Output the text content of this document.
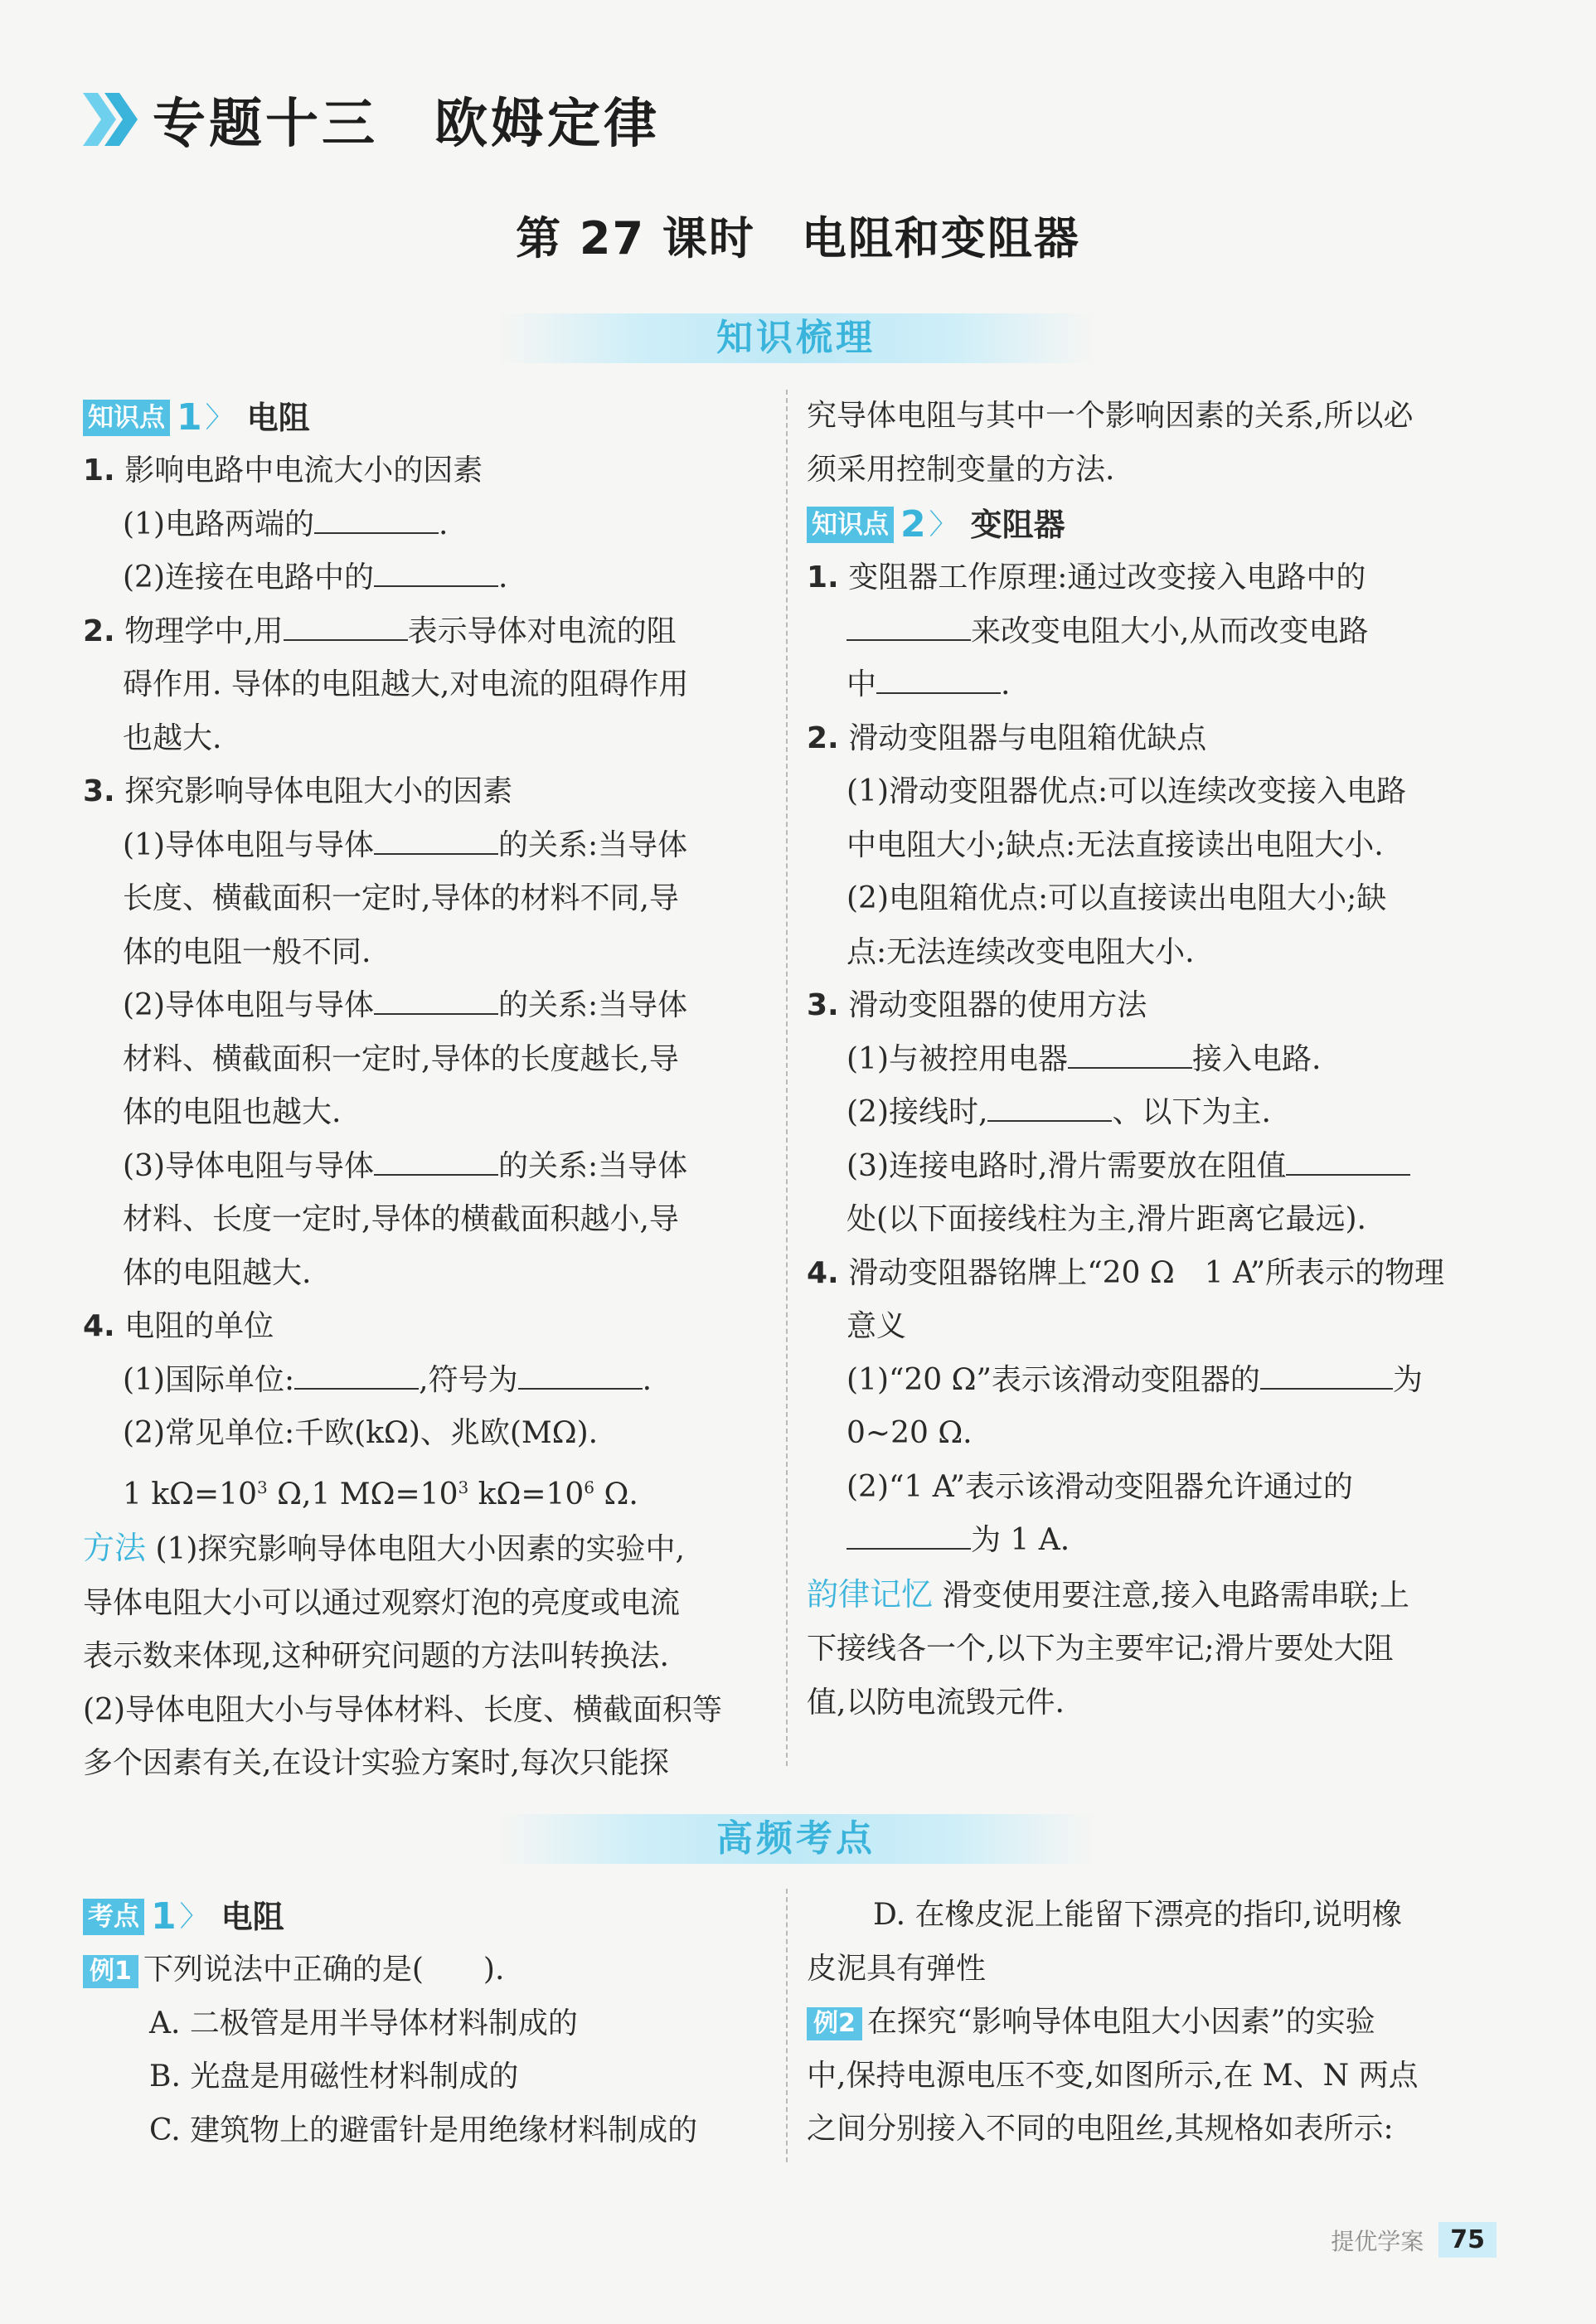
专题十三　欧姆定律
第 27 课时　电阻和变阻器
知识梳理

知识点 1 〉 电阻

1. 影响电路中电流大小的因素

(1)电路两端的	.

(2)连接在电路中的	.

2. 物理学中,用	表示导体对电流的阻

碍作用. 导体的电阻越大,对电流的阻碍作用

也越大.

3. 探究影响导体电阻大小的因素

(1)导体电阻与导体	的关系:当导体

长度、横截面积一定时,导体的材料不同,导

体的电阻一般不同.

(2)导体电阻与导体	的关系:当导体

材料、横截面积一定时,导体的长度越长,导

体的电阻也越大.

(3)导体电阻与导体	的关系:当导体

材料、长度一定时,导体的横截面积越小,导

体的电阻越大.

4. 电阻的单位

(1)国际单位:	,符号为	.

(2)常见单位:千欧(kΩ)、兆欧(MΩ).

1 $k\Omega=10^3$ Ω,1 $M\Omega=10^3$ $k\Omega=10^6$ Ω.

方法 (1)探究影响导体电阻大小因素的实验中,

导体电阻大小可以通过观察灯泡的亮度或电流

表示数来体现,这种研究问题的方法叫转换法.

(2)导体电阻大小与导体材料、长度、横截面积等

多个因素有关,在设计实验方案时,每次只能探

究导体电阻与其中一个影响因素的关系,所以必

须采用控制变量的方法.

知识点 2 〉 变阻器

1. 变阻器工作原理:通过改变接入电路中的

来改变电阻大小,从而改变电路

中	.

2. 滑动变阻器与电阻箱优缺点

(1)滑动变阻器优点:可以连续改变接入电路

中电阻大小;缺点:无法直接读出电阻大小.

(2)电阻箱优点:可以直接读出电阻大小;缺

点:无法连续改变电阻大小.

3. 滑动变阻器的使用方法

(1)与被控用电器	接入电路.

(2)接线时,	、以下为主.

(3)连接电路时,滑片需要放在阻值

处(以下面接线柱为主,滑片距离它最远).

4. 滑动变阻器铭牌上“20 Ω　1 A”所表示的物理

意义

(1)“20 Ω”表示该滑动变阻器的	为

0~20 Ω.

(2)“1 A”表示该滑动变阻器允许通过的

为 1 A.

韵律记忆 滑变使用要注意,接入电路需串联;上

下接线各一个,以下为主要牢记;滑片要处大阻

值,以防电流毁元件.

高频考点

考点 1 〉 电阻

例1 下列说法中正确的是(　　).

A. 二极管是用半导体材料制成的

B. 光盘是用磁性材料制成的

C. 建筑物上的避雷针是用绝缘材料制成的

D. 在橡皮泥上能留下漂亮的指印,说明橡

皮泥具有弹性

例2 在探究“影响导体电阻大小因素”的实验

中,保持电源电压不变,如图所示,在 M、N 两点

之间分别接入不同的电阻丝,其规格如表所示:

提优学案	75
